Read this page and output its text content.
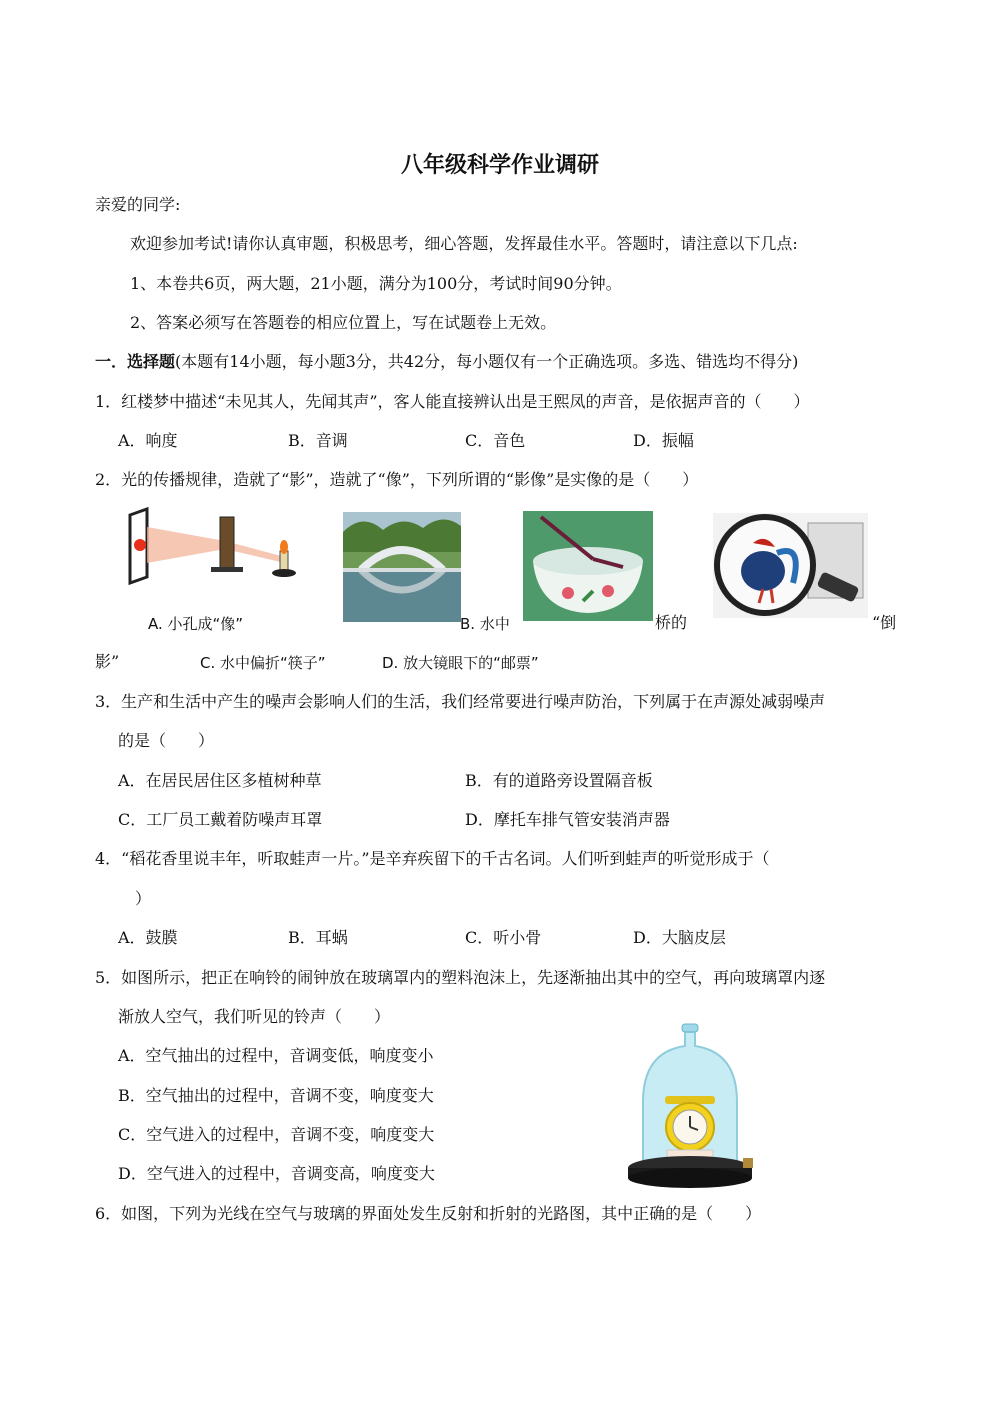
八年级科学作业调研
亲爱的同学:
欢迎参加考试!请你认真审题，积极思考，细心答题，发挥最佳水平。答题时，请注意以下几点:
1、本卷共6页，两大题，21小题，满分为100分，考试时间90分钟。
2、答案必须写在答题卷的相应位置上，写在试题卷上无效。
一．选择题(本题有14小题，每小题3分，共42分，每小题仅有一个正确选项。多选、错选均不得分)
1．红楼梦中描述“未见其人，先闻其声”，客人能直接辨认出是王熙凤的声音，是依据声音的（　　）
A．响度	B．音调	C．音色	D．振幅
2．光的传播规律，造就了“影”，造就了“像”，下列所谓的“影像”是实像的是（　　）
A. 小孔成“像”	B. 水中	桥的	“倒
影”	C. 水中偏折“筷子”	D. 放大镜眼下的“邮票”
3．生产和生活中产生的噪声会影响人们的生活，我们经常要进行噪声防治，下列属于在声源处减弱噪声
的是（　　）
A．在居民居住区多植树种草	B．有的道路旁设置隔音板
C．工厂员工戴着防噪声耳罩	D．摩托车排气管安装消声器
4．“稻花香里说丰年，听取蛙声一片。”是辛弃疾留下的千古名词。人们听到蛙声的听觉形成于（
）
A．鼓膜	B．耳蜗	C．听小骨	D．大脑皮层
5．如图所示，把正在响铃的闹钟放在玻璃罩内的塑料泡沫上，先逐渐抽出其中的空气，再向玻璃罩内逐
渐放人空气，我们听见的铃声（　　）
A．空气抽出的过程中，音调变低，响度变小
B．空气抽出的过程中，音调不变，响度变大
C．空气进入的过程中，音调不变，响度变大
D．空气进入的过程中，音调变高，响度变大
6．如图，下列为光线在空气与玻璃的界面处发生反射和折射的光路图，其中正确的是（　　）
